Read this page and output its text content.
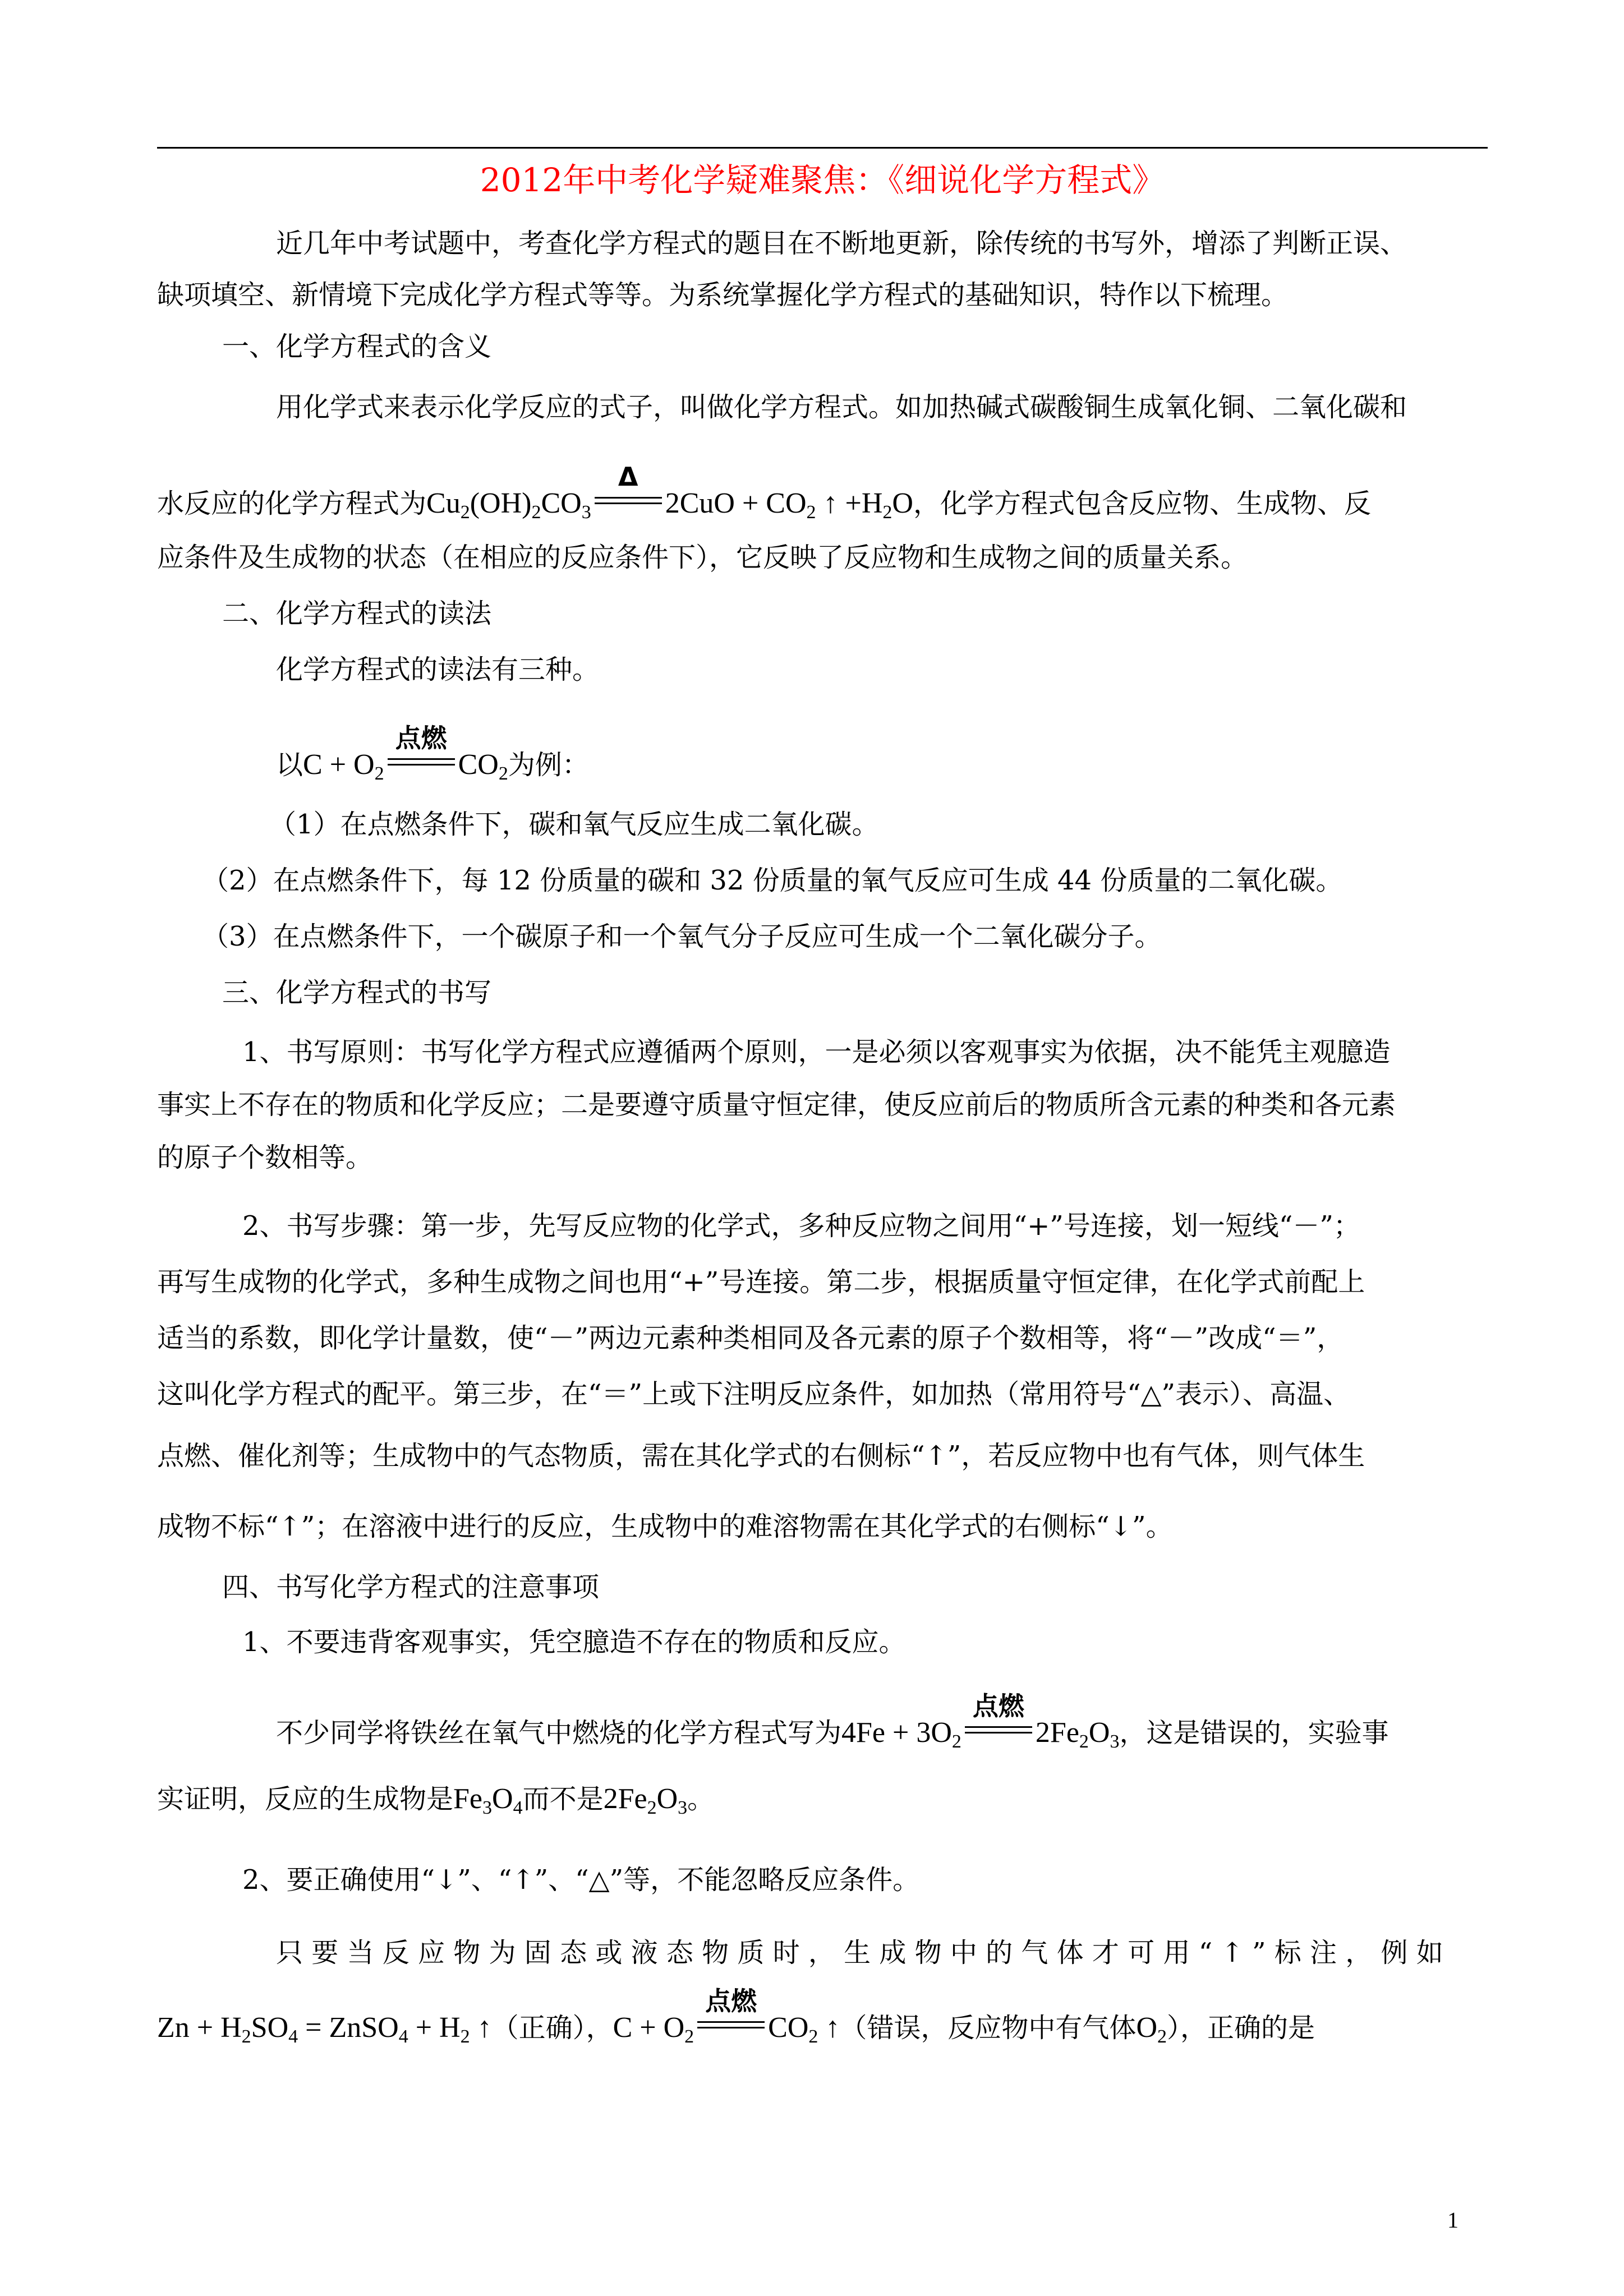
2012年中考化学疑难聚焦：《细说化学方程式》
近几年中考试题中，考查化学方程式的题目在不断地更新，除传统的书写外，增添了判断正误、
缺项填空、新情境下完成化学方程式等等。为系统掌握化学方程式的基础知识，特作以下梳理。
一、化学方程式的含义
用化学式来表示化学反应的式子，叫做化学方程式。如加热碱式碳酸铜生成氧化铜、二氧化碳和
水反应的化学方程式为$Cu_2(OH)_2CO_3$
Δ
$2CuO + CO_2$ ↑ $+H_2O$，化学方程式包含反应物、生成物、反
应条件及生成物的状态（在相应的反应条件下），它反映了反应物和生成物之间的质量关系。
二、化学方程式的读法
化学方程式的读法有三种。
以$C + O_2$
点燃
$CO_2$为例：
（1）在点燃条件下，碳和氧气反应生成二氧化碳。
（2）在点燃条件下，每 12 份质量的碳和 32 份质量的氧气反应可生成 44 份质量的二氧化碳。
（3）在点燃条件下，一个碳原子和一个氧气分子反应可生成一个二氧化碳分子。
三、化学方程式的书写
1、书写原则：书写化学方程式应遵循两个原则，一是必须以客观事实为依据，决不能凭主观臆造
事实上不存在的物质和化学反应；二是要遵守质量守恒定律，使反应前后的物质所含元素的种类和各元素
的原子个数相等。
2、书写步骤：第一步，先写反应物的化学式，多种反应物之间用“+”号连接，划一短线“－”；
再写生成物的化学式，多种生成物之间也用“+”号连接。第二步，根据质量守恒定律，在化学式前配上
适当的系数，即化学计量数，使“－”两边元素种类相同及各元素的原子个数相等，将“－”改成“＝”，
这叫化学方程式的配平。第三步，在“＝”上或下注明反应条件，如加热（常用符号“△”表示）、高温、
点燃、催化剂等；生成物中的气态物质，需在其化学式的右侧标“↑”，若反应物中也有气体，则气体生
成物不标“↑”；在溶液中进行的反应，生成物中的难溶物需在其化学式的右侧标“↓”。
四、书写化学方程式的注意事项
1、不要违背客观事实，凭空臆造不存在的物质和反应。
不少同学将铁丝在氧气中燃烧的化学方程式写为$4Fe + 3O_2$
点燃
$2Fe_2O_3$，这是错误的，实验事
实证明，反应的生成物是$Fe_3O_4$而不是$2Fe_2O_3$。
2、要正确使用“↓”、“↑”、“△”等，不能忽略反应条件。
只 要 当 反 应 物 为 固 态 或 液 态 物 质 时 ， 生 成 物 中 的 气 体 才 可 用 “ ↑ ” 标 注 ， 例 如
$Zn + H_2SO_4$ = ZnSO$_4$ + $H_2$ ↑（正确），$C + O_2$
点燃
$CO_2$ ↑（错误，反应物中有气体$O_2$），正确的是
1
